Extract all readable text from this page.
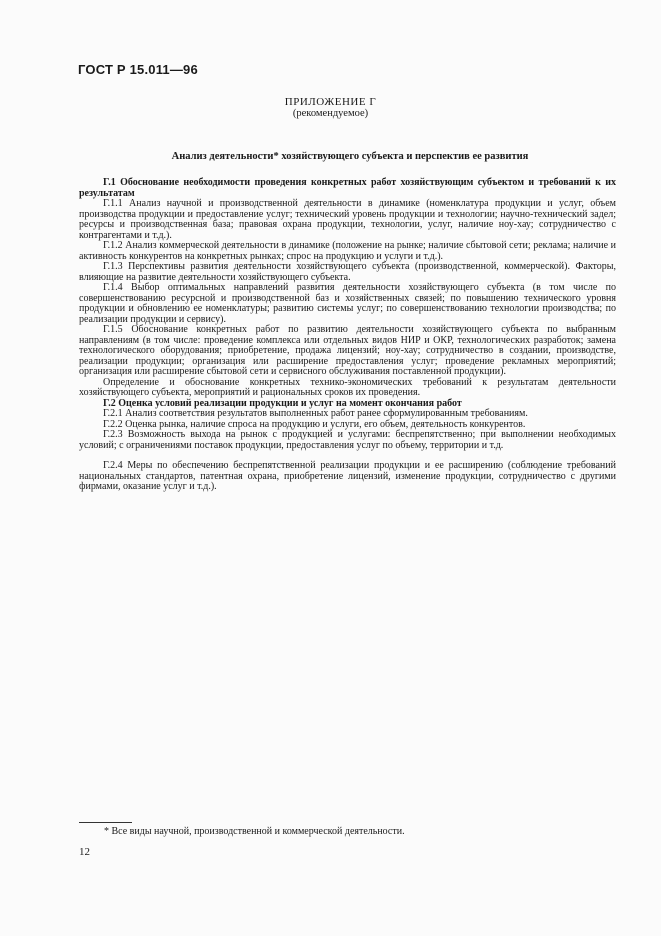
ГОСТ Р 15.011—96
ПРИЛОЖЕНИЕ Г
(рекомендуемое)
Анализ деятельности* хозяйствующего субъекта и перспектив ее развития

Г.1 Обоснование необходимости проведения конкретных работ хозяйствующим субъектом и требований к их результатам

Г.1.1 Анализ научной и производственной деятельности в динамике (номенклатура продукции и услуг, объем производства продукции и предоставление услуг; технический уровень продукции и технологии; научно-технический задел; ресурсы и производственная база; правовая охрана продукции, технологии, услуг, наличие ноу-хау; сотрудничество с контрагентами и т.д.).

Г.1.2 Анализ коммерческой деятельности в динамике (положение на рынке; наличие сбытовой сети; реклама; наличие и активность конкурентов на конкретных рынках; спрос на продукцию и услуги и т.д.).

Г.1.3 Перспективы развития деятельности хозяйствующего субъекта (производственной, коммерческой). Факторы, влияющие на развитие деятельности хозяйствующего субъекта.

Г.1.4 Выбор оптимальных направлений развития деятельности хозяйствующего субъекта (в том числе по совершенствованию ресурсной и производственной баз и хозяйственных связей; по повышению технического уровня продукции и обновлению ее номенклатуры; развитию системы услуг; по совершенствованию технологии производства; по реализации продукции и сервису).

Г.1.5 Обоснование конкретных работ по развитию деятельности хозяйствующего субъекта по выбранным направлениям (в том числе: проведение комплекса или отдельных видов НИР и ОКР, технологических разработок; замена технологического оборудования; приобретение, продажа лицензий; ноу-хау; сотрудничество в создании, производстве, реализации продукции; организация или расширение предоставления услуг; проведение рекламных мероприятий; организация или расширение сбытовой сети и сервисного обслуживания поставленной продукции).

Определение и обоснование конкретных технико-экономических требований к результатам деятельности хозяйствующего субъекта, мероприятий и рациональных сроков их проведения.

Г.2 Оценка условий реализации продукции и услуг на момент окончания работ

Г.2.1 Анализ соответствия результатов выполненных работ ранее сформулированным требованиям.

Г.2.2 Оценка рынка, наличие спроса на продукцию и услуги, его объем, деятельность конкурентов.

Г.2.3 Возможность выхода на рынок с продукцией и услугами: беспрепятственно; при выполнении необходимых условий; с ограничениями поставок продукции, предоставления услуг по объему, территории и т.д.

Г.2.4 Меры по обеспечению беспрепятственной реализации продукции и ее расширению (соблюдение требований национальных стандартов, патентная охрана, приобретение лицензий, изменение продукции, сотрудничество с другими фирмами, оказание услуг и т.д.).

* Все виды научной, производственной и коммерческой деятельности.
12
